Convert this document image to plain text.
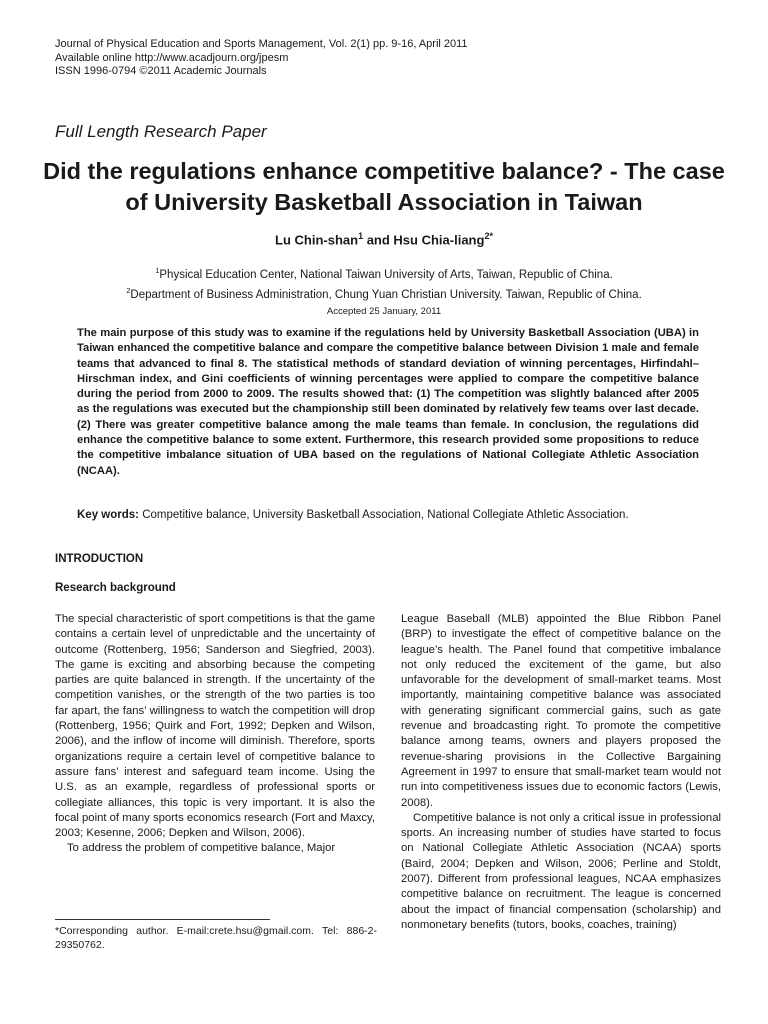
Journal of Physical Education and Sports Management, Vol. 2(1) pp. 9-16, April 2011
Available online http://www.acadjourn.org/jpesm
ISSN 1996-0794 ©2011 Academic Journals
Full Length Research Paper
Did the regulations enhance competitive balance? - The case of University Basketball Association in Taiwan
Lu Chin-shan$^1$ and Hsu Chia-liang$^{2*}$
$^1$Physical Education Center, National Taiwan University of Arts, Taiwan, Republic of China.
$^2$Department of Business Administration, Chung Yuan Christian University. Taiwan, Republic of China.
Accepted 25 January, 2011

The main purpose of this study was to examine if the regulations held by University Basketball Association (UBA) in Taiwan enhanced the competitive balance and compare the competitive balance between Division 1 male and female teams that advanced to final 8. The statistical methods of standard deviation of winning percentages, Hirfindahl–Hirschman index, and Gini coefficients of winning percentages were applied to compare the competitive balance during the period from 2000 to 2009. The results showed that: (1) The competition was slightly balanced after 2005 as the regulations was executed but the championship still been dominated by relatively few teams over last decade. (2) There was greater competitive balance among the male teams than female. In conclusion, the regulations did enhance the competitive balance to some extent. Furthermore, this research provided some propositions to reduce the competitive imbalance situation of UBA based on the regulations of National Collegiate Athletic Association (NCAA).

Key words: Competitive balance, University Basketball Association, National Collegiate Athletic Association.
INTRODUCTION
Research background

The special characteristic of sport competitions is that the game contains a certain level of unpredictable and the uncertainty of outcome (Rottenberg, 1956; Sanderson and Siegfried, 2003). The game is exciting and absorbing because the competing parties are quite balanced in strength. If the uncertainty of the competition vanishes, or the strength of the two parties is too far apart, the fans’ willingness to watch the competition will drop (Rottenberg, 1956; Quirk and Fort, 1992; Depken and Wilson, 2006), and the inflow of income will diminish. Therefore, sports organizations require a certain level of competitive balance to assure fans’ interest and safeguard team income. Using the U.S. as an example, regardless of professional sports or collegiate alliances, this topic is very important. It is also the focal point of many sports economics research (Fort and Maxcy, 2003; Kesenne, 2006; Depken and Wilson, 2006).

To address the problem of competitive balance, Major

League Baseball (MLB) appointed the Blue Ribbon Panel (BRP) to investigate the effect of competitive balance on the league’s health. The Panel found that competitive imbalance not only reduced the excitement of the game, but also unfavorable for the development of small-market teams. Most importantly, maintaining competitive balance was associated with generating significant commercial gains, such as gate revenue and broadcasting right. To promote the competitive balance among teams, owners and players proposed the revenue-sharing provisions in the Collective Bargaining Agreement in 1997 to ensure that small-market team would not run into competitiveness issues due to economic factors (Lewis, 2008).

Competitive balance is not only a critical issue in professional sports. An increasing number of studies have started to focus on National Collegiate Athletic Association (NCAA) sports (Baird, 2004; Depken and Wilson, 2006; Perline and Stoldt, 2007). Different from professional leagues, NCAA emphasizes competitive balance on recruitment. The league is concerned about the impact of financial compensation (scholarship) and nonmonetary benefits (tutors, books, coaches, training)

*Corresponding author. E-mail:crete.hsu@gmail.com. Tel: 886-2-29350762.
